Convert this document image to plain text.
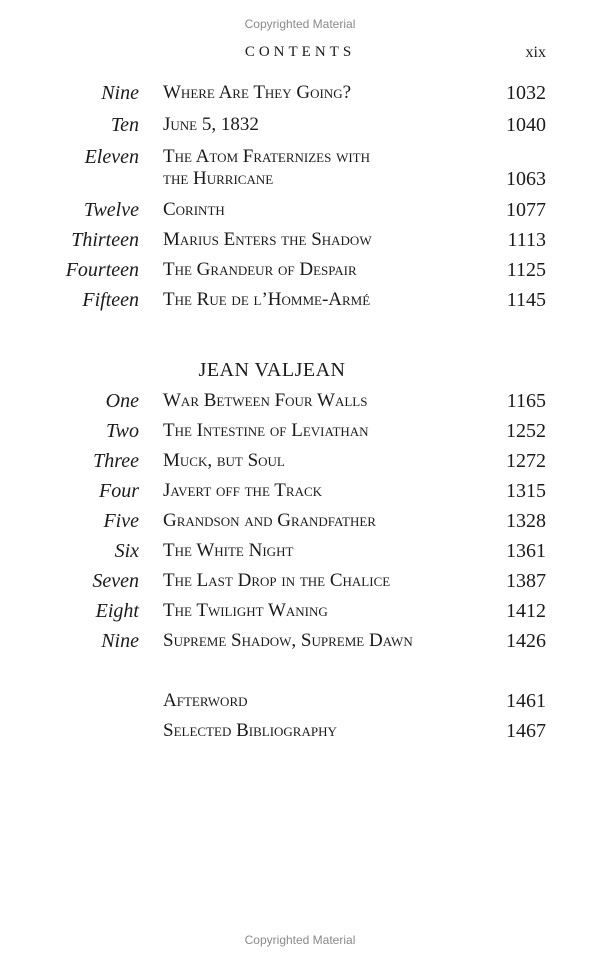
Copyrighted Material
CONTENTS	xix
Nine Where Are They Going?	1032
Ten June 5, 1832	1040
Eleven The Atom Fraternizes with
the Hurricane	1063
Twelve Corinth	1077
Thirteen Marius Enters the Shadow	1113
Fourteen The Grandeur of Despair	1125
Fifteen The Rue de l’Homme-Armé	1145
JEAN VALJEAN
One War Between Four Walls	1165
Two The Intestine of Leviathan	1252
Three Muck, but Soul	1272
Four Javert off the Track	1315
Five Grandson and Grandfather	1328
Six The White Night	1361
Seven The Last Drop in the Chalice	1387
Eight The Twilight Waning	1412
Nine Supreme Shadow, Supreme Dawn	1426
Afterword	1461
Selected Bibliography	1467
Copyrighted Material
